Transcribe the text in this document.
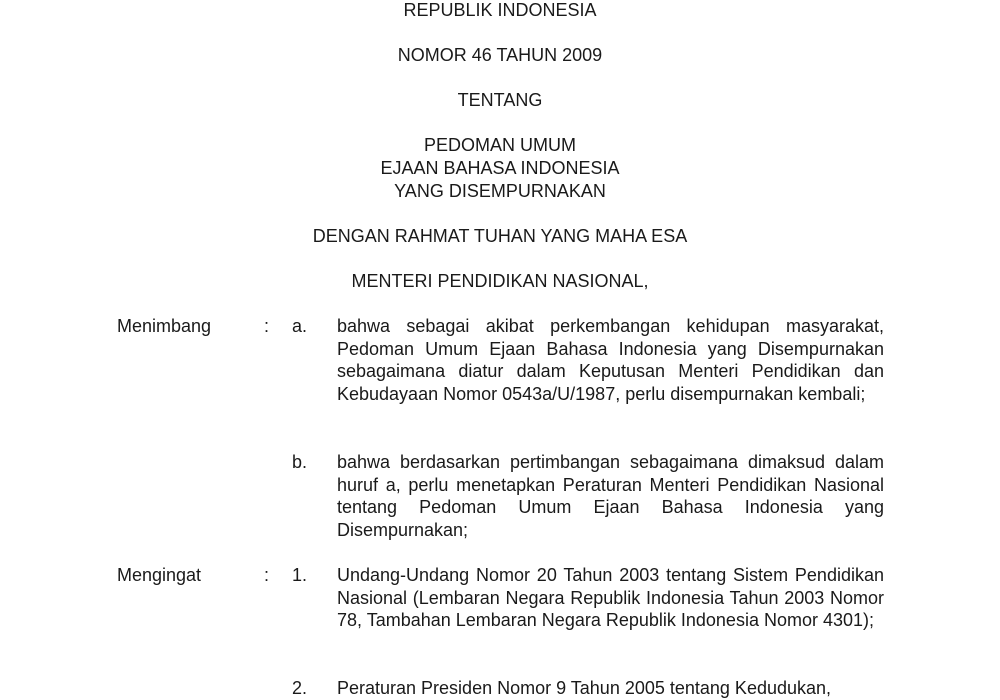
REPUBLIK INDONESIA
NOMOR 46 TAHUN 2009
TENTANG
PEDOMAN UMUM
EJAAN BAHASA INDONESIA
YANG DISEMPURNAKAN
DENGAN RAHMAT TUHAN YANG MAHA ESA
MENTERI PENDIDIKAN NASIONAL,
Menimbang	: a. bahwa sebagai akibat perkembangan kehidupan masyarakat, Pedoman Umum Ejaan Bahasa Indonesia yang Disempurnakan sebagaimana diatur dalam Keputusan Menteri Pendidikan dan Kebudayaan Nomor 0543a/U/1987, perlu disempurnakan kembali;
b. bahwa berdasarkan pertimbangan sebagaimana dimaksud dalam huruf a, perlu menetapkan Peraturan Menteri Pendidikan Nasional tentang Pedoman Umum Ejaan Bahasa Indonesia yang Disempurnakan;
Mengingat	: 1. Undang-Undang Nomor 20 Tahun 2003 tentang Sistem Pendidikan Nasional (Lembaran Negara Republik Indonesia Tahun 2003 Nomor 78, Tambahan Lembaran Negara Republik Indonesia Nomor 4301);
2. Peraturan Presiden Nomor 9 Tahun 2005 tentang Kedudukan,
